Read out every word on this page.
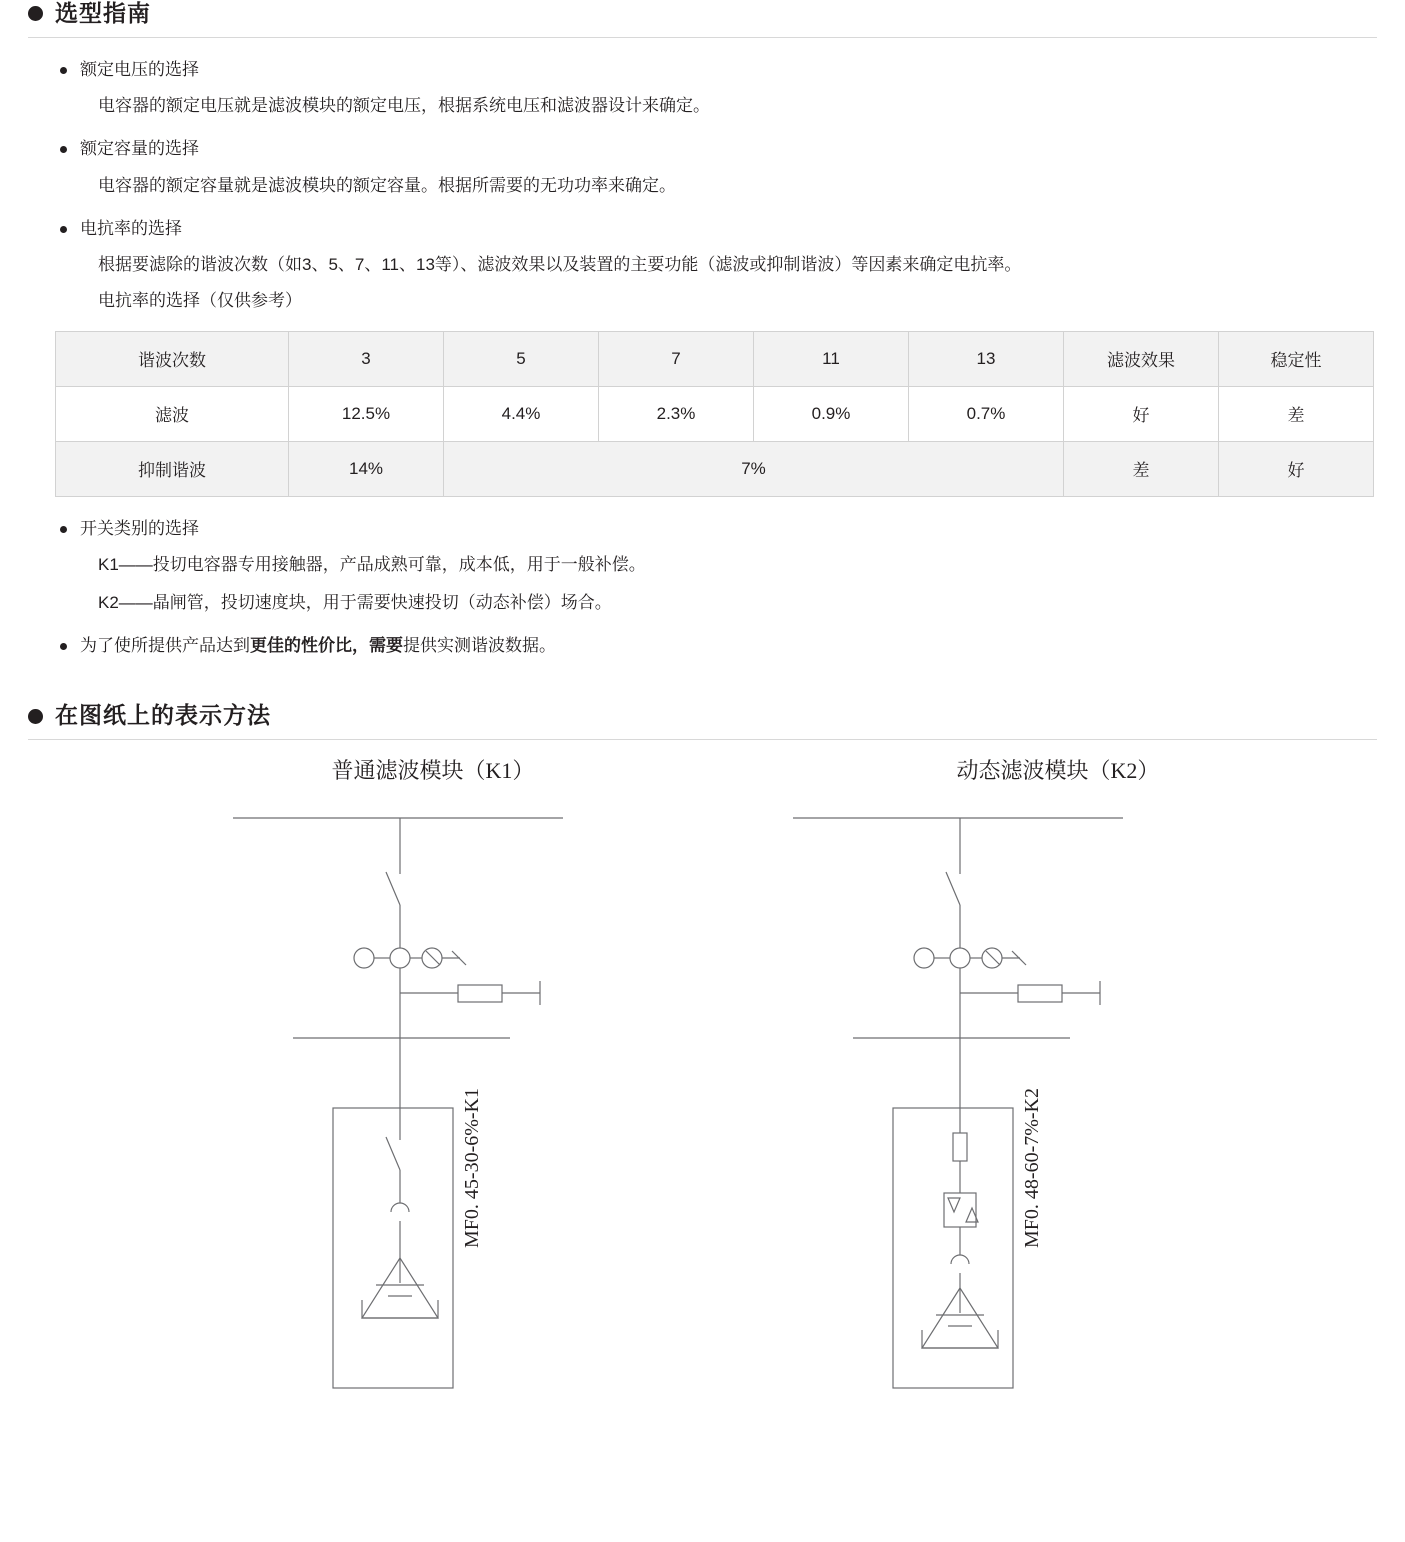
选型指南
额定电压的选择
电容器的额定电压就是滤波模块的额定电压，根据系统电压和滤波器设计来确定。
额定容量的选择
电容器的额定容量就是滤波模块的额定容量。根据所需要的无功功率来确定。
电抗率的选择
根据要滤除的谐波次数（如3、5、7、11、13等）、滤波效果以及装置的主要功能（滤波或抑制谐波）等因素来确定电抗率。
电抗率的选择（仅供参考）
谐波次数	3	5	7	11	13	滤波效果	稳定性
滤波	12.5%	4.4%	2.3%	0.9%	0.7%	好	差
抑制谐波	14%	7%				差	好
开关类别的选择
K1——投切电容器专用接触器，产品成熟可靠，成本低，用于一般补偿。
K2——晶闸管，投切速度块，用于需要快速投切（动态补偿）场合。
为了使所提供产品达到更佳的性价比，需要提供实测谐波数据。
在图纸上的表示方法
普通滤波模块（K1）	动态滤波模块（K2）
MF0. 45-30-6%-K1	MF0. 48-60-7%-K2
